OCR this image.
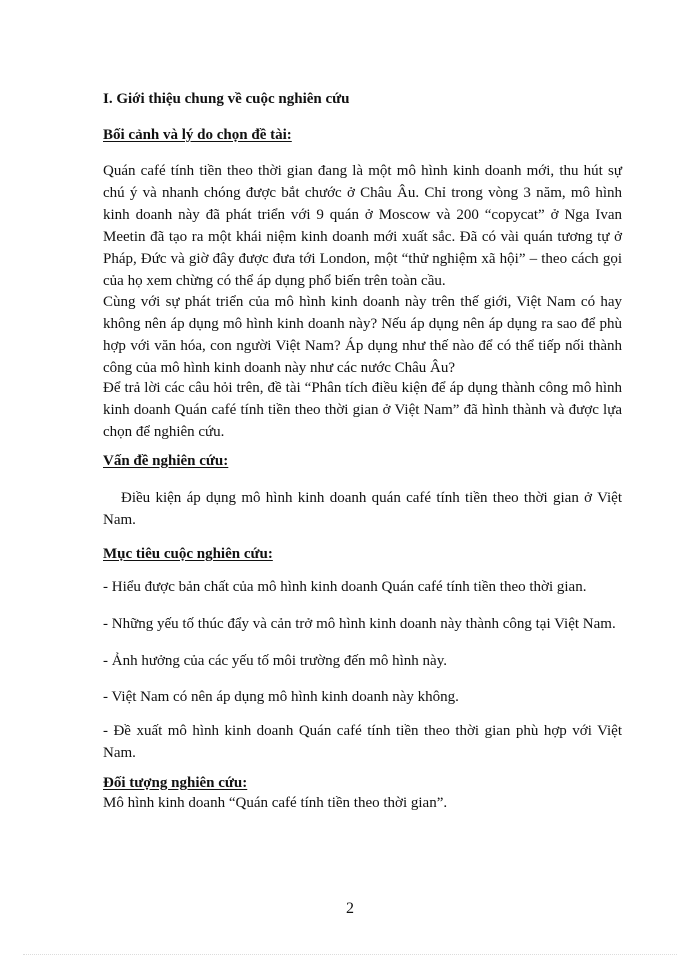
I. Giới thiệu chung về cuộc nghiên cứu
Bối cảnh và lý do chọn đề tài:

Quán café tính tiền theo thời gian đang là một mô hình kinh doanh mới, thu hút sự chú ý và nhanh chóng được bắt chước ở Châu Âu. Chỉ trong vòng 3 năm, mô hình kinh doanh này đã phát triển với 9 quán ở Moscow và 200 “copycat” ở Nga Ivan Meetin đã tạo ra một khái niệm kinh doanh mới xuất sắc. Đã có vài quán tương tự ở Pháp, Đức và giờ đây được đưa tới London, một “thử nghiệm xã hội” – theo cách gọi của họ xem chừng có thể áp dụng phổ biến trên toàn cầu.

Cùng với sự phát triển của mô hình kinh doanh này trên thế giới, Việt Nam có hay không nên áp dụng mô hình kinh doanh này? Nếu áp dụng nên áp dụng ra sao để phù hợp với văn hóa, con người Việt Nam? Áp dụng như thế nào để có thể tiếp nối thành công của mô hình kinh doanh này như các nước Châu Âu?

Để trả lời các câu hỏi trên, đề tài “Phân tích điều kiện để áp dụng thành công mô hình kinh doanh Quán café tính tiền theo thời gian ở Việt Nam” đã hình thành và được lựa chọn để nghiên cứu.

Vấn đề nghiên cứu:

Điều kiện áp dụng mô hình kinh doanh quán café tính tiền theo thời gian ở Việt Nam.

Mục tiêu cuộc nghiên cứu:

- Hiểu được bản chất của mô hình kinh doanh Quán café tính tiền theo thời gian.

- Những yếu tố thúc đẩy và cản trở mô hình kinh doanh này thành công tại Việt Nam.

- Ảnh hưởng của các yếu tố môi trường đến mô hình này.

- Việt Nam có nên áp dụng mô hình kinh doanh này không.

- Đề xuất mô hình kinh doanh Quán café tính tiền theo thời gian phù hợp với Việt Nam.

Đối tượng nghiên cứu:

Mô hình kinh doanh “Quán café tính tiền theo thời gian”.

2
